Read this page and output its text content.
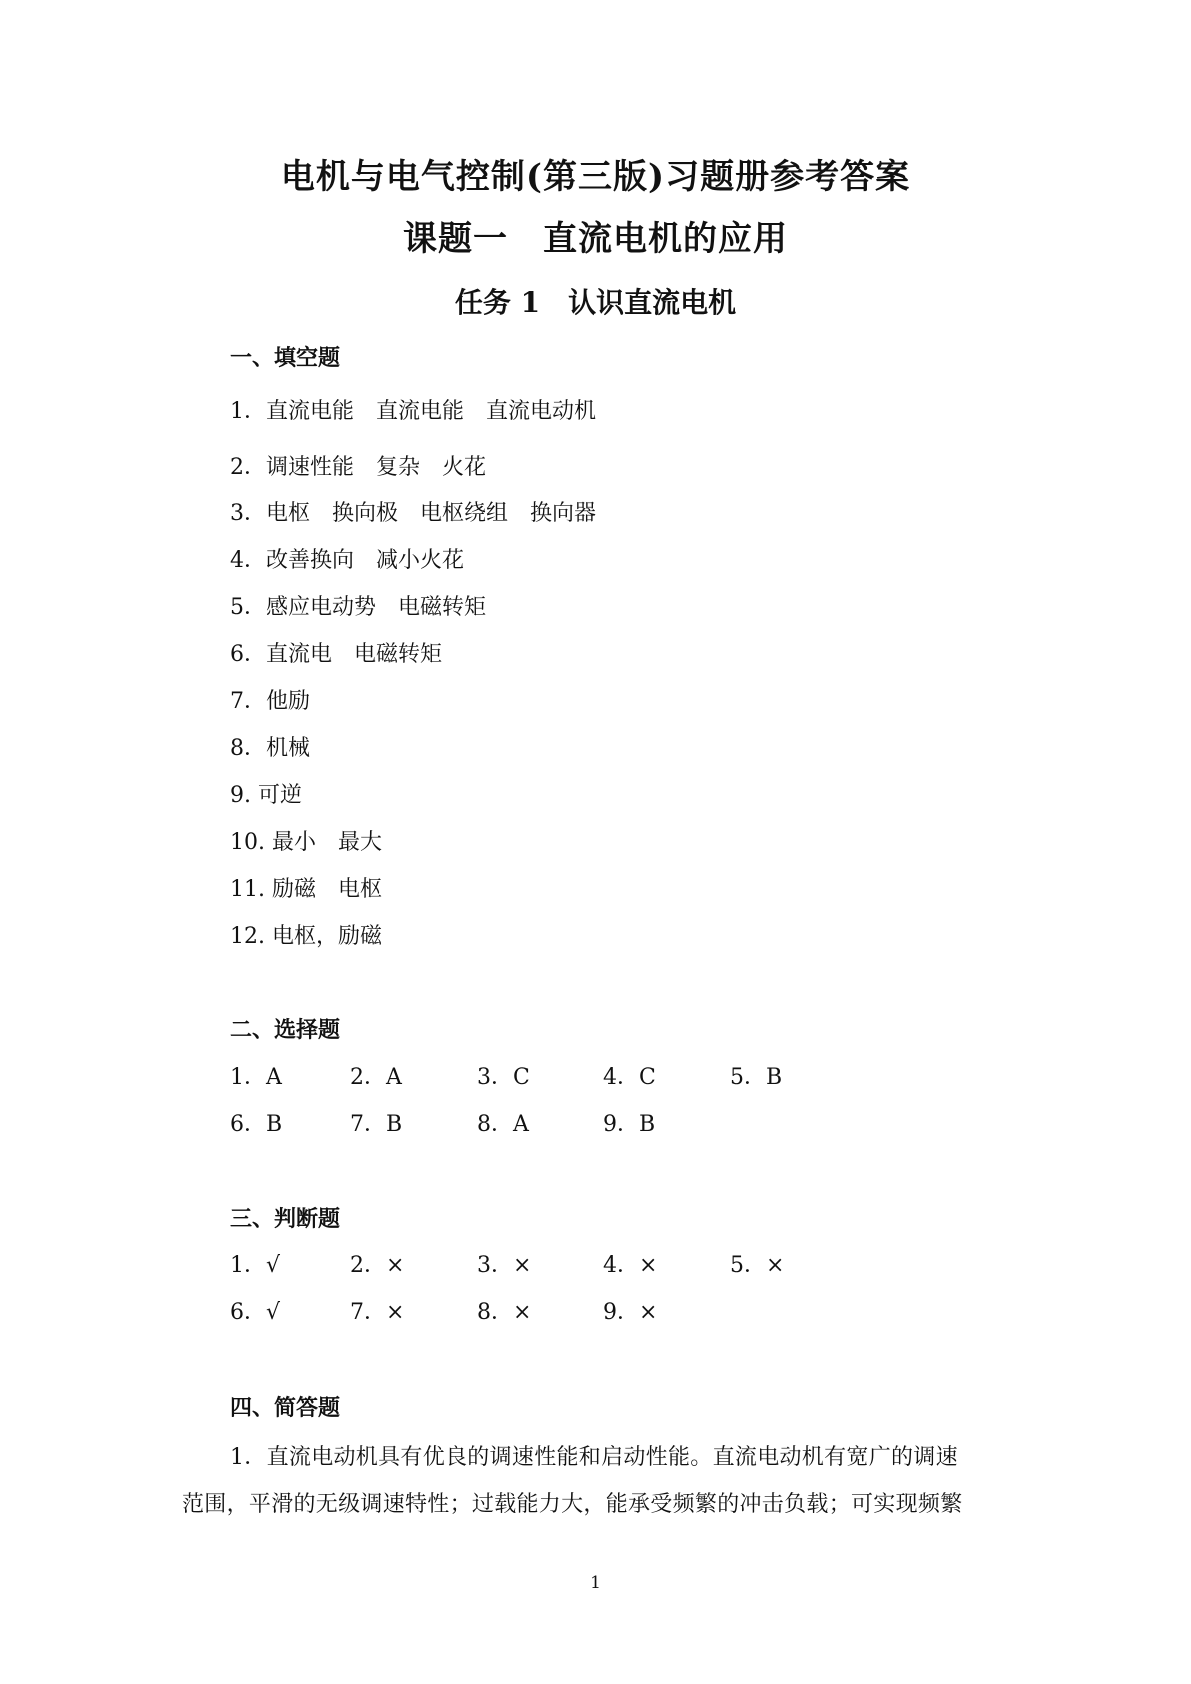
电机与电气控制(第三版)习题册参考答案
课题一　直流电机的应用
任务 1　认识直流电机
一、填空题
1．直流电能　直流电能　直流电动机
2．调速性能　复杂　火花
3．电枢　换向极　电枢绕组　换向器
4．改善换向　减小火花
5．感应电动势　电磁转矩
6．直流电　电磁转矩
7．他励
8．机械
9. 可逆
10. 最小　最大
11. 励磁　电枢
12. 电枢，励磁
二、选择题
1．A	2．A	3．C	4．C	5．B
6．B	7．B	8．A	9．B
三、判断题
1．√	2．×	3．×	4．×	5．×
6．√	7．×	8．×	9．×
四、简答题
1．直流电动机具有优良的调速性能和启动性能。直流电动机有宽广的调速
范围，平滑的无级调速特性；过载能力大，能承受频繁的冲击负载；可实现频繁
1
